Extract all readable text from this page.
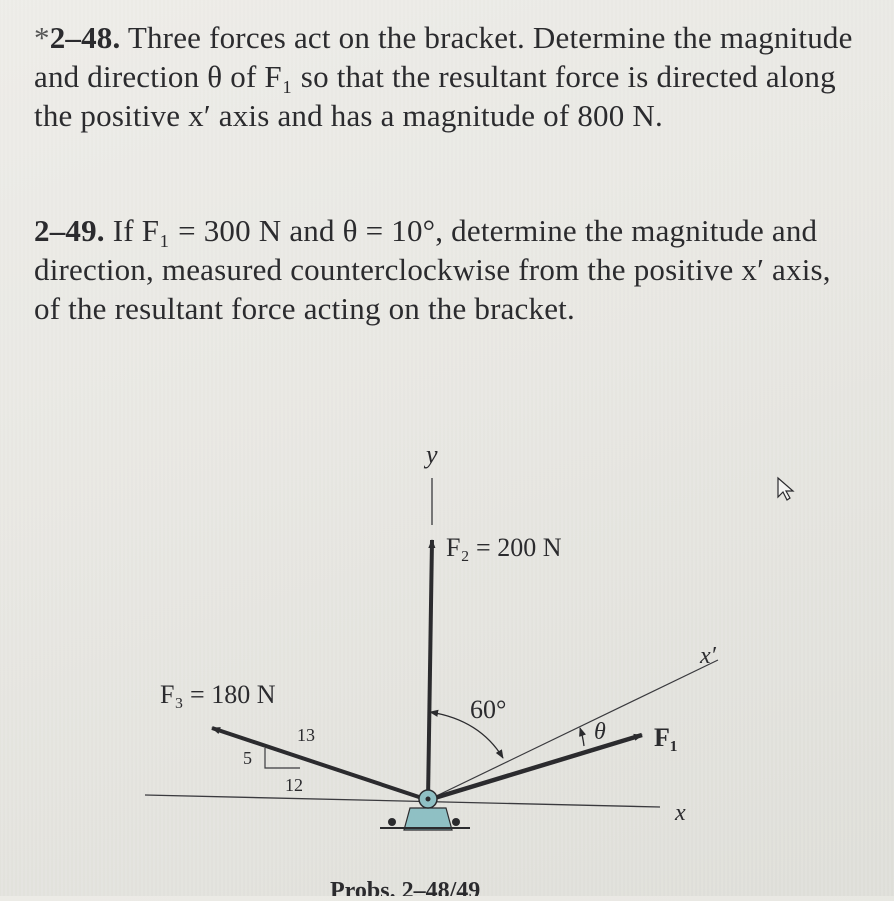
*2–48. Three forces act on the bracket. Determine the magnitude and direction θ of F₁ so that the resultant force is directed along the positive x′ axis and has a magnitude of 800 N.
2–49. If F₁ = 300 N and θ = 10°, determine the magnitude and direction, measured counterclockwise from the positive x′ axis, of the resultant force acting on the bracket.
y
F₂ = 200 N
F₃ = 180 N
13
5
12
60°
θ F₁
x′
x
Probs. 2–48/49
